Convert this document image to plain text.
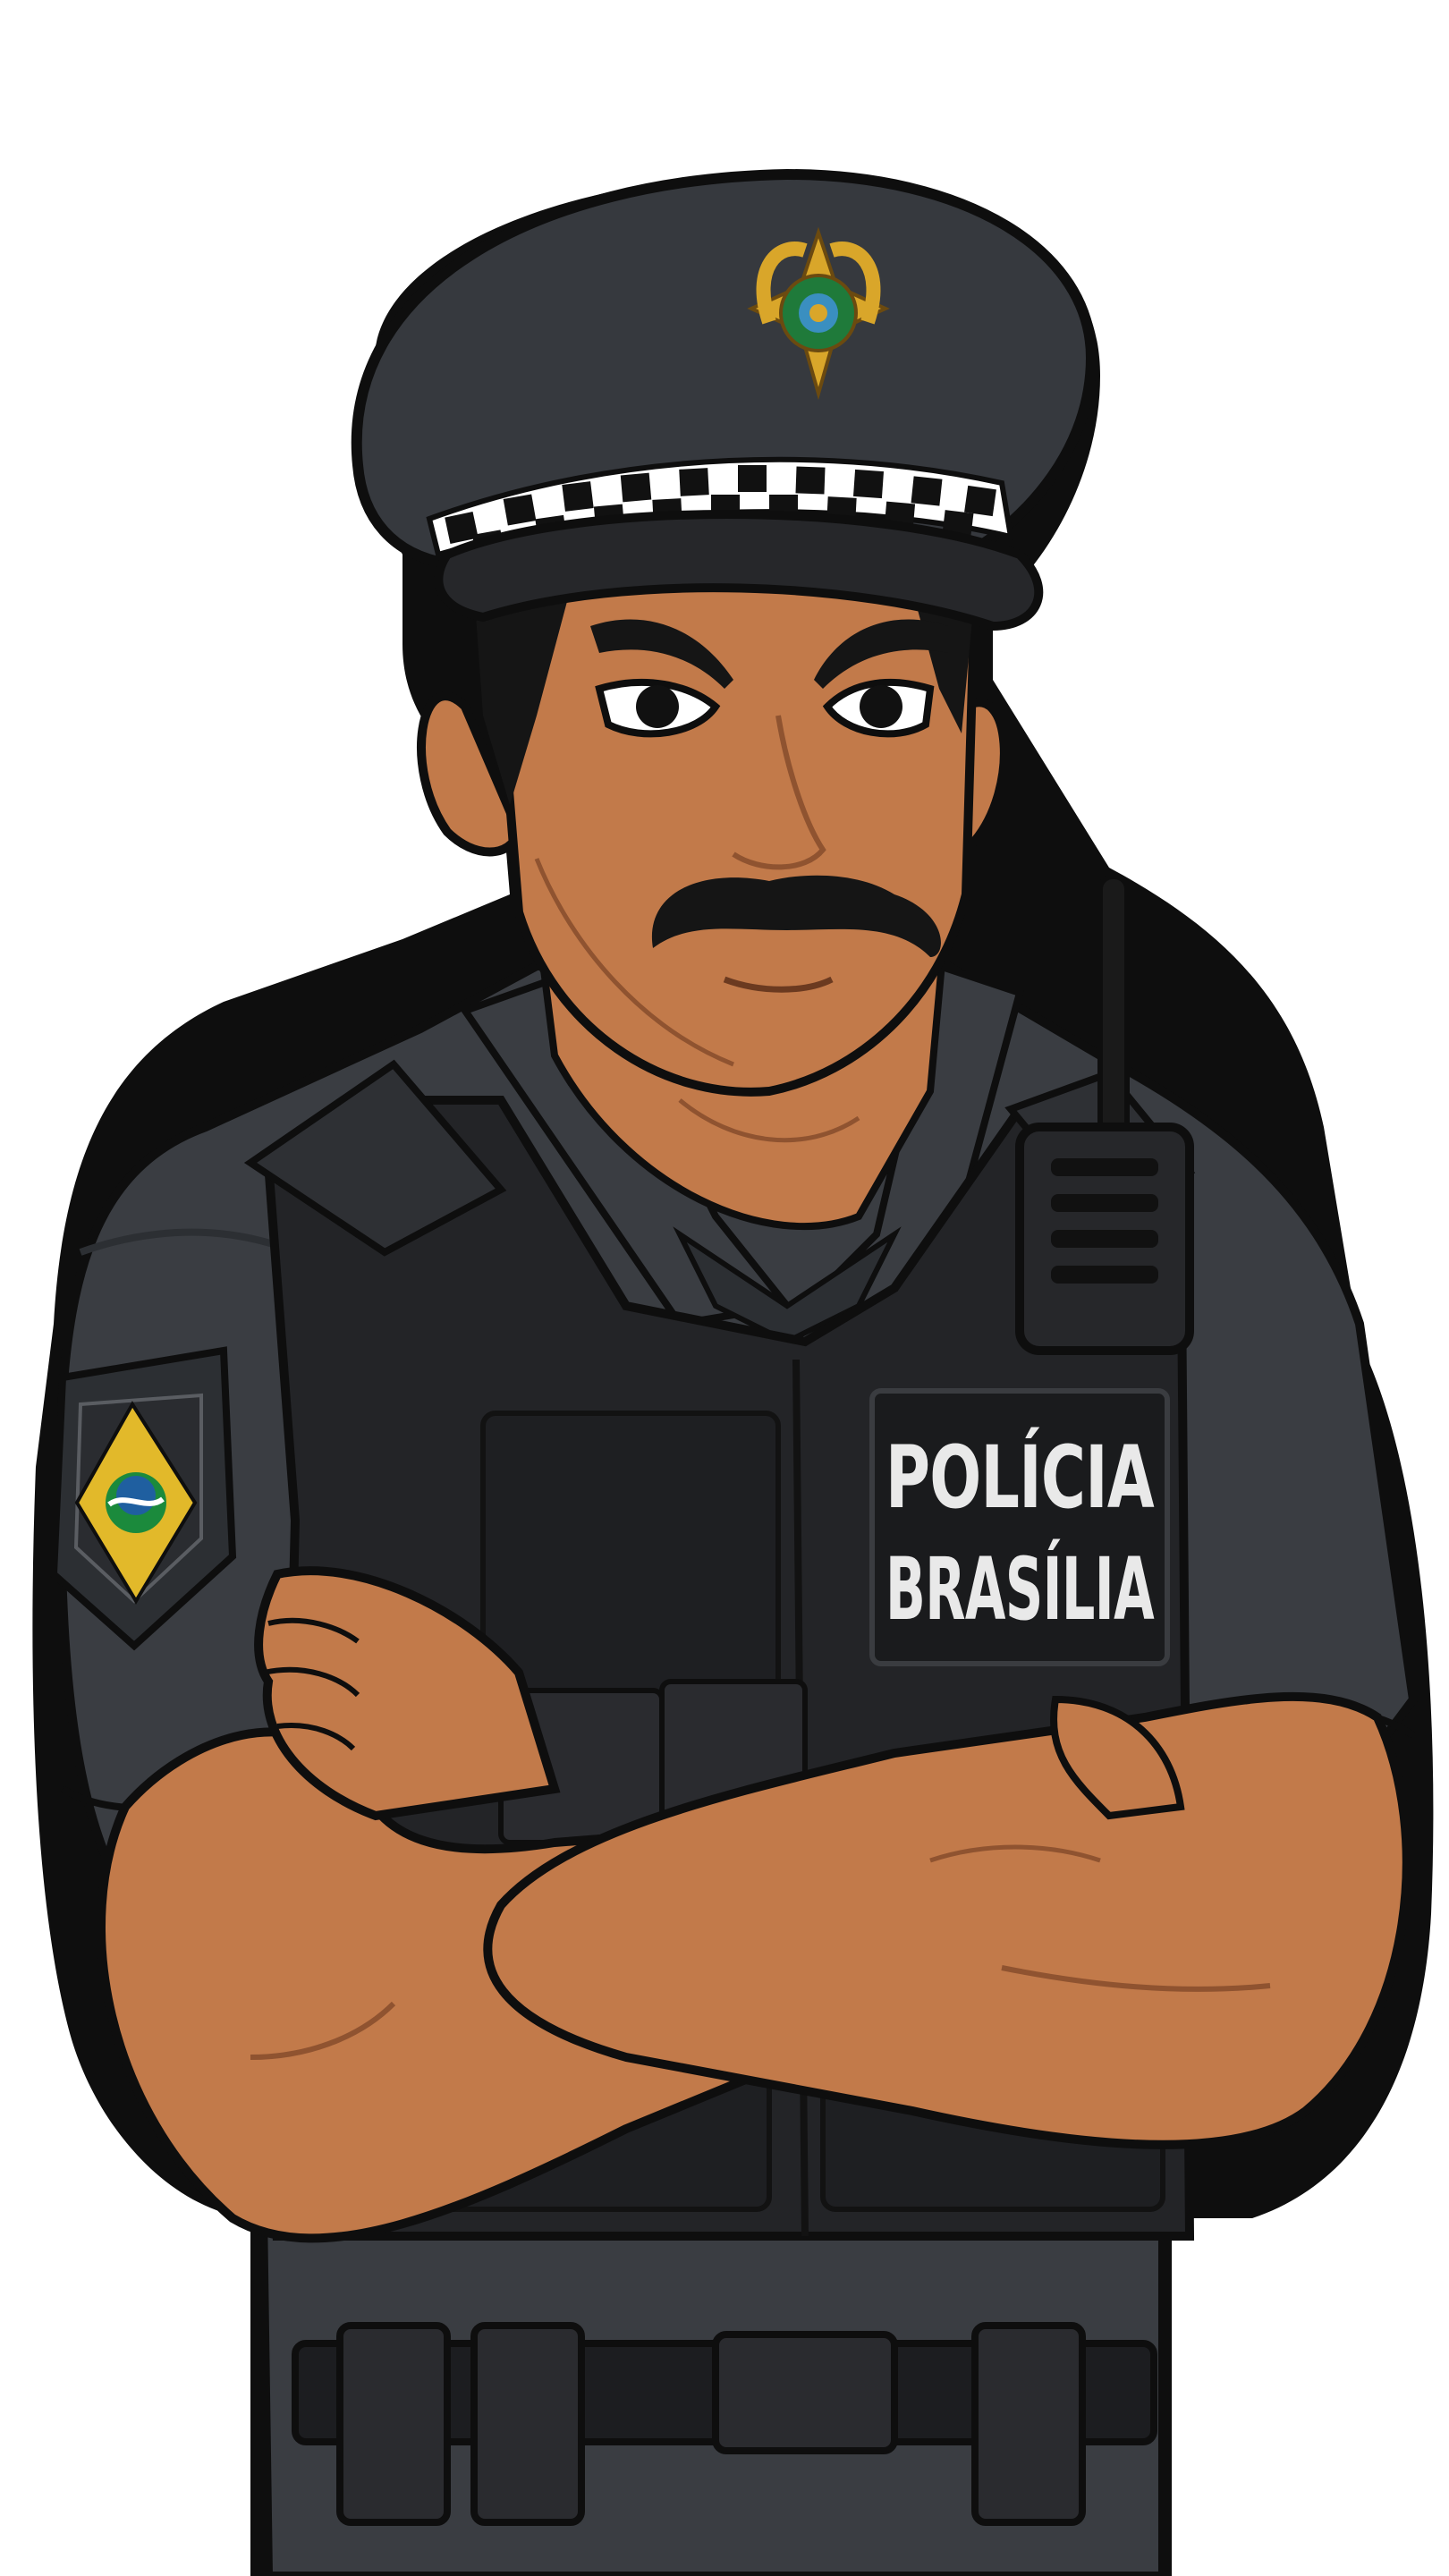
POLÍCIA
BRASÍLIA
